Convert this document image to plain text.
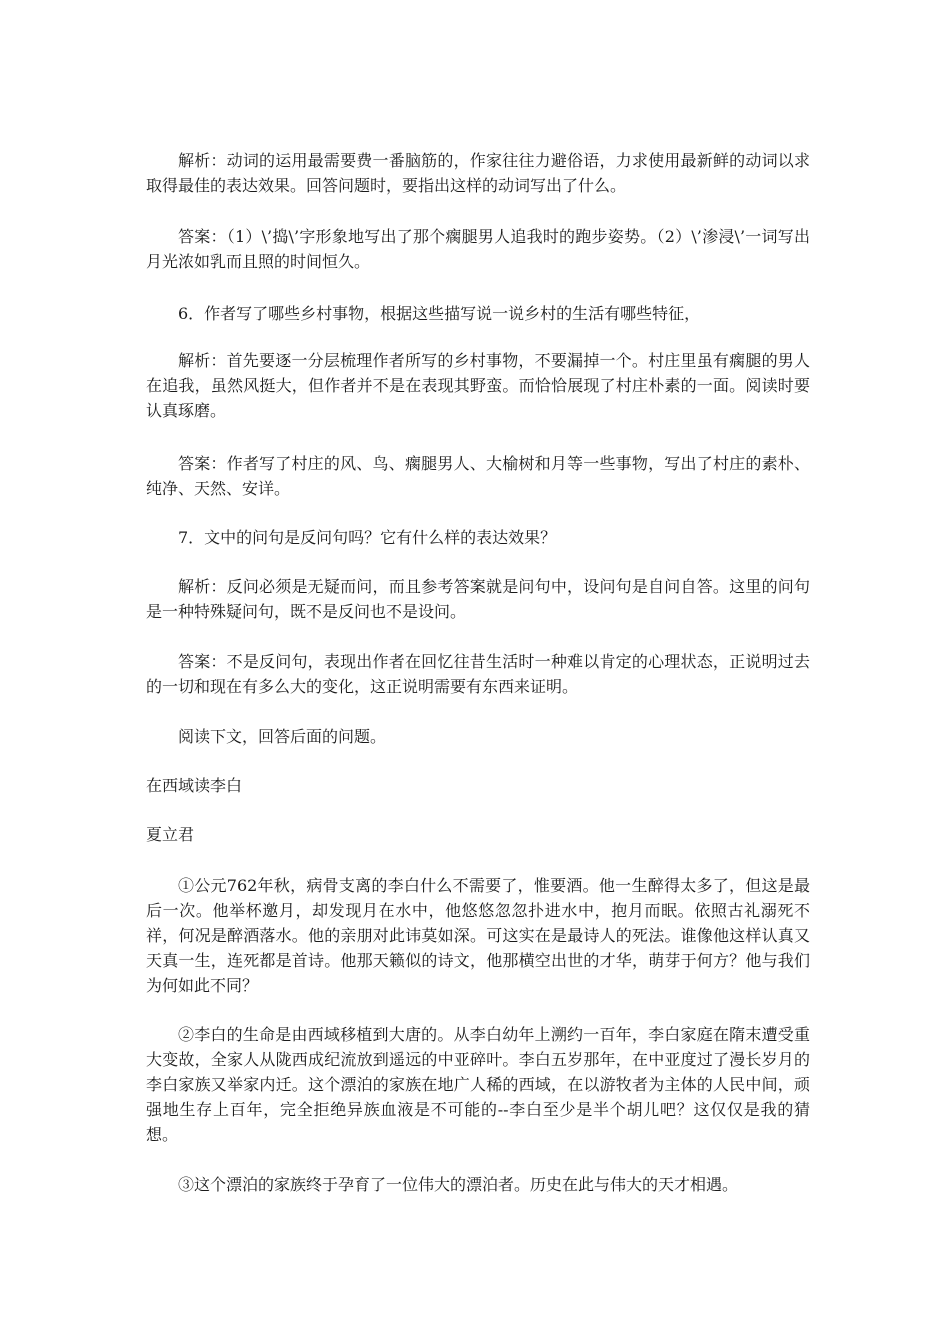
解析：动词的运用最需要费一番脑筋的，作家往往力避俗语，力求使用最新鲜的动词以求取得最佳的表达效果。回答问题时，要指出这样的动词写出了什么。

答案：（1）\’捣\’字形象地写出了那个瘸腿男人追我时的跑步姿势。（2）\’渗浸\’一词写出月光浓如乳而且照的时间恒久。

6．作者写了哪些乡村事物，根据这些描写说一说乡村的生活有哪些特征，

解析：首先要逐一分层梳理作者所写的乡村事物，不要漏掉一个。村庄里虽有瘸腿的男人在追我，虽然风挺大，但作者并不是在表现其野蛮。而恰恰展现了村庄朴素的一面。阅读时要认真琢磨。

答案：作者写了村庄的风、鸟、瘸腿男人、大榆树和月等一些事物，写出了村庄的素朴、纯净、天然、安详。

7．文中的问句是反问句吗？它有什么样的表达效果？

解析：反问必须是无疑而问，而且参考答案就是问句中，设问句是自问自答。这里的问句是一种特殊疑问句，既不是反问也不是设问。

答案：不是反问句，表现出作者在回忆往昔生活时一种难以肯定的心理状态，正说明过去的一切和现在有多么大的变化，这正说明需要有东西来证明。

阅读下文，回答后面的问题。

在西域读李白

夏立君

①公元762年秋，病骨支离的李白什么不需要了，惟要酒。他一生醉得太多了，但这是最后一次。他举杯邀月，却发现月在水中，他悠悠忽忽扑进水中，抱月而眠。依照古礼溺死不祥，何况是醉酒落水。他的亲朋对此讳莫如深。可这实在是最诗人的死法。谁像他这样认真又天真一生，连死都是首诗。他那天籁似的诗文，他那横空出世的才华，萌芽于何方？他与我们为何如此不同？

②李白的生命是由西域移植到大唐的。从李白幼年上溯约一百年，李白家庭在隋末遭受重大变故，全家人从陇西成纪流放到遥远的中亚碎叶。李白五岁那年，在中亚度过了漫长岁月的李白家族又举家内迁。这个漂泊的家族在地广人稀的西域，在以游牧者为主体的人民中间，顽强地生存上百年，完全拒绝异族血液是不可能的--李白至少是半个胡儿吧？这仅仅是我的猜想。

③这个漂泊的家族终于孕育了一位伟大的漂泊者。历史在此与伟大的天才相遇。
